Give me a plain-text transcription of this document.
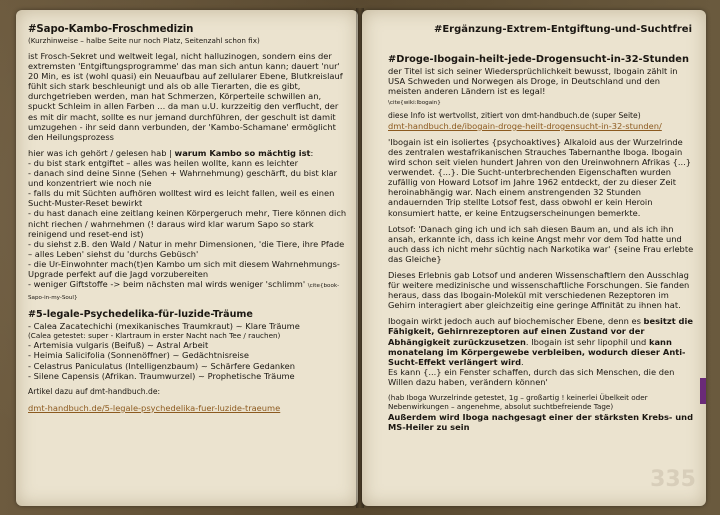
#Sapo-Kambo-Froschmedizin
(Kurzhinweise – halbe Seite nur noch Platz, Seitenzahl schon fix)

ist Frosch-Sekret und weltweit legal, nicht halluzinogen, sondern eins der extremsten 'Entgiftungsprogramme' das man sich antun kann; dauert 'nur' 20 Min, es ist (wohl quasi) ein Neuaufbau auf zellularer Ebene, Blutkreislauf fühlt sich stark beschleunigt und als ob alle Tierarten, die es gibt, durchgetrieben werden, man hat Schmerzen, Körperteile schwillen an, spuckt Schleim in allen Farben ... da man u.U. kurzzeitig den verflucht, der es mit dir macht, sollte es nur jemand durchführen, der geschult ist damit umzugehen - ihr seid dann verbunden, der 'Kambo-Schamane' ermöglicht den Heilungsprozess

hier was ich gehört / gelesen hab | warum Kambo so mächtig ist:

- du bist stark entgiftet – alles was heilen wollte, kann es leichter
- danach sind deine Sinne (Sehen + Wahrnehmung) geschärft, du bist klar und konzentriert wie noch nie
- falls du mit Süchten aufhören wolltest wird es leicht fallen, weil es einen Sucht-Muster-Reset bewirkt
- du hast danach eine zeitlang keinen Körpergeruch mehr, Tiere können dich nicht riechen / wahrnehmen (! daraus wird klar warum Sapo so stark reinigend und reset-end ist)
- du siehst z.B. den Wald / Natur in mehr Dimensionen, 'die Tiere, ihre Pfade – alles Leben' siehst du 'durchs Gebüsch'
- die Ur-Einwohnter mach(t)en Kambo um sich mit diesem Wahrnehmungs-Upgrade perfekt auf die Jagd vorzubereiten
- weniger Giftstoffe -> beim nächsten mal wirds weniger 'schlimm' \cite{book-Sapo-in-my-Soul}
#5-legale-Psychedelika-für-luzide-Träume
- Calea Zacatechichi (mexikanisches Traumkraut) ~ Klare Träume
(Calea getestet: super - Klartraum in erster Nacht nach Tee / rauchen)
- Artemisia vulgaris (Beifuß) ~ Astral Arbeit
- Heimia Salicifolia (Sonnenöffner) ~ Gedächtnisreise
- Celastrus Paniculatus (Intelligenzbaum) ~ Schärfere Gedanken
- Silene Capensis (Afrikan. Traumwurzel) ~ Prophetische Träume
Artikel dazu auf dmt-handbuch.de:
dmt-handbuch.de/5-legale-psychedelika-fuer-luzide-traeume
#Ergänzung-Extrem-Entgiftung-und-Suchtfrei
#Droge-Ibogain-heilt-jede-Drogensucht-in-32-Stunden

der Titel ist sich seiner Wiedersprüchlichkeit bewusst, Ibogain zählt in USA Schweden und Norwegen als Droge, in Deutschland und den meisten anderen Ländern ist es legal!
\cite{wiki:Ibogain}

diese Info ist wertvollst, zitiert von dmt-handbuch.de (super Seite)
dmt-handbuch.de/ibogain-droge-heilt-drogensucht-in-32-stunden/

'Ibogain ist ein isoliertes {psychoaktives} Alkaloid aus der Wurzelrinde des zentralen westafrikanischen Strauches Tabernanthe Iboga. Ibogain wird schon seit vielen hundert Jahren von den Ureinwohnern Afrikas {...} verwendet. {...}. Die Sucht-unterbrechenden Eigenschaften wurden zufällig von Howard Lotsof im Jahre 1962 entdeckt, der zu dieser Zeit heroinabhängig war. Nach einem anstrengenden 32 Stunden andauernden Trip stellte Lotsof fest, dass obwohl er kein Heroin konsumiert hatte, er keine Entzugserscheinungen bemerkte.

Lotsof: 'Danach ging ich und ich sah diesen Baum an, und als ich ihn ansah, erkannte ich, dass ich keine Angst mehr vor dem Tod hatte und auch dass ich nicht mehr süchtig nach Narkotika war' {seine Frau erlebte das Gleiche}

Dieses Erlebnis gab Lotsof und anderen Wissenschaftlern den Ausschlag für weitere medizinische und wissenschaftliche Forschungen. Sie fanden heraus, dass das Ibogain-Molekül mit verschiedenen Rezeptoren im Gehirn interagiert aber gleichzeitig eine geringe Affinität zu ihnen hat.

Ibogain wirkt jedoch auch auf biochemischer Ebene, denn es besitzt die Fähigkeit, Gehirnrezeptoren auf einen Zustand vor der Abhängigkeit zurückzusetzen. Ibogain ist sehr lipophil und kann monatelang im Körpergewebe verbleiben, wodurch dieser Anti- Sucht-Effekt verlängert wird.
Es kann {...} ein Fenster schaffen, durch das sich Menschen, die den Willen dazu haben, verändern können'

(hab Iboga Wurzelrinde getestet, 1g – großartig ! keinerlei Übelkeit oder Nebenwirkungen – angenehme, absolut suchtbefreiende Tage)

Außerdem wird Iboga nachgesagt einer der stärksten Krebs- und MS-Heiler zu sein

335
